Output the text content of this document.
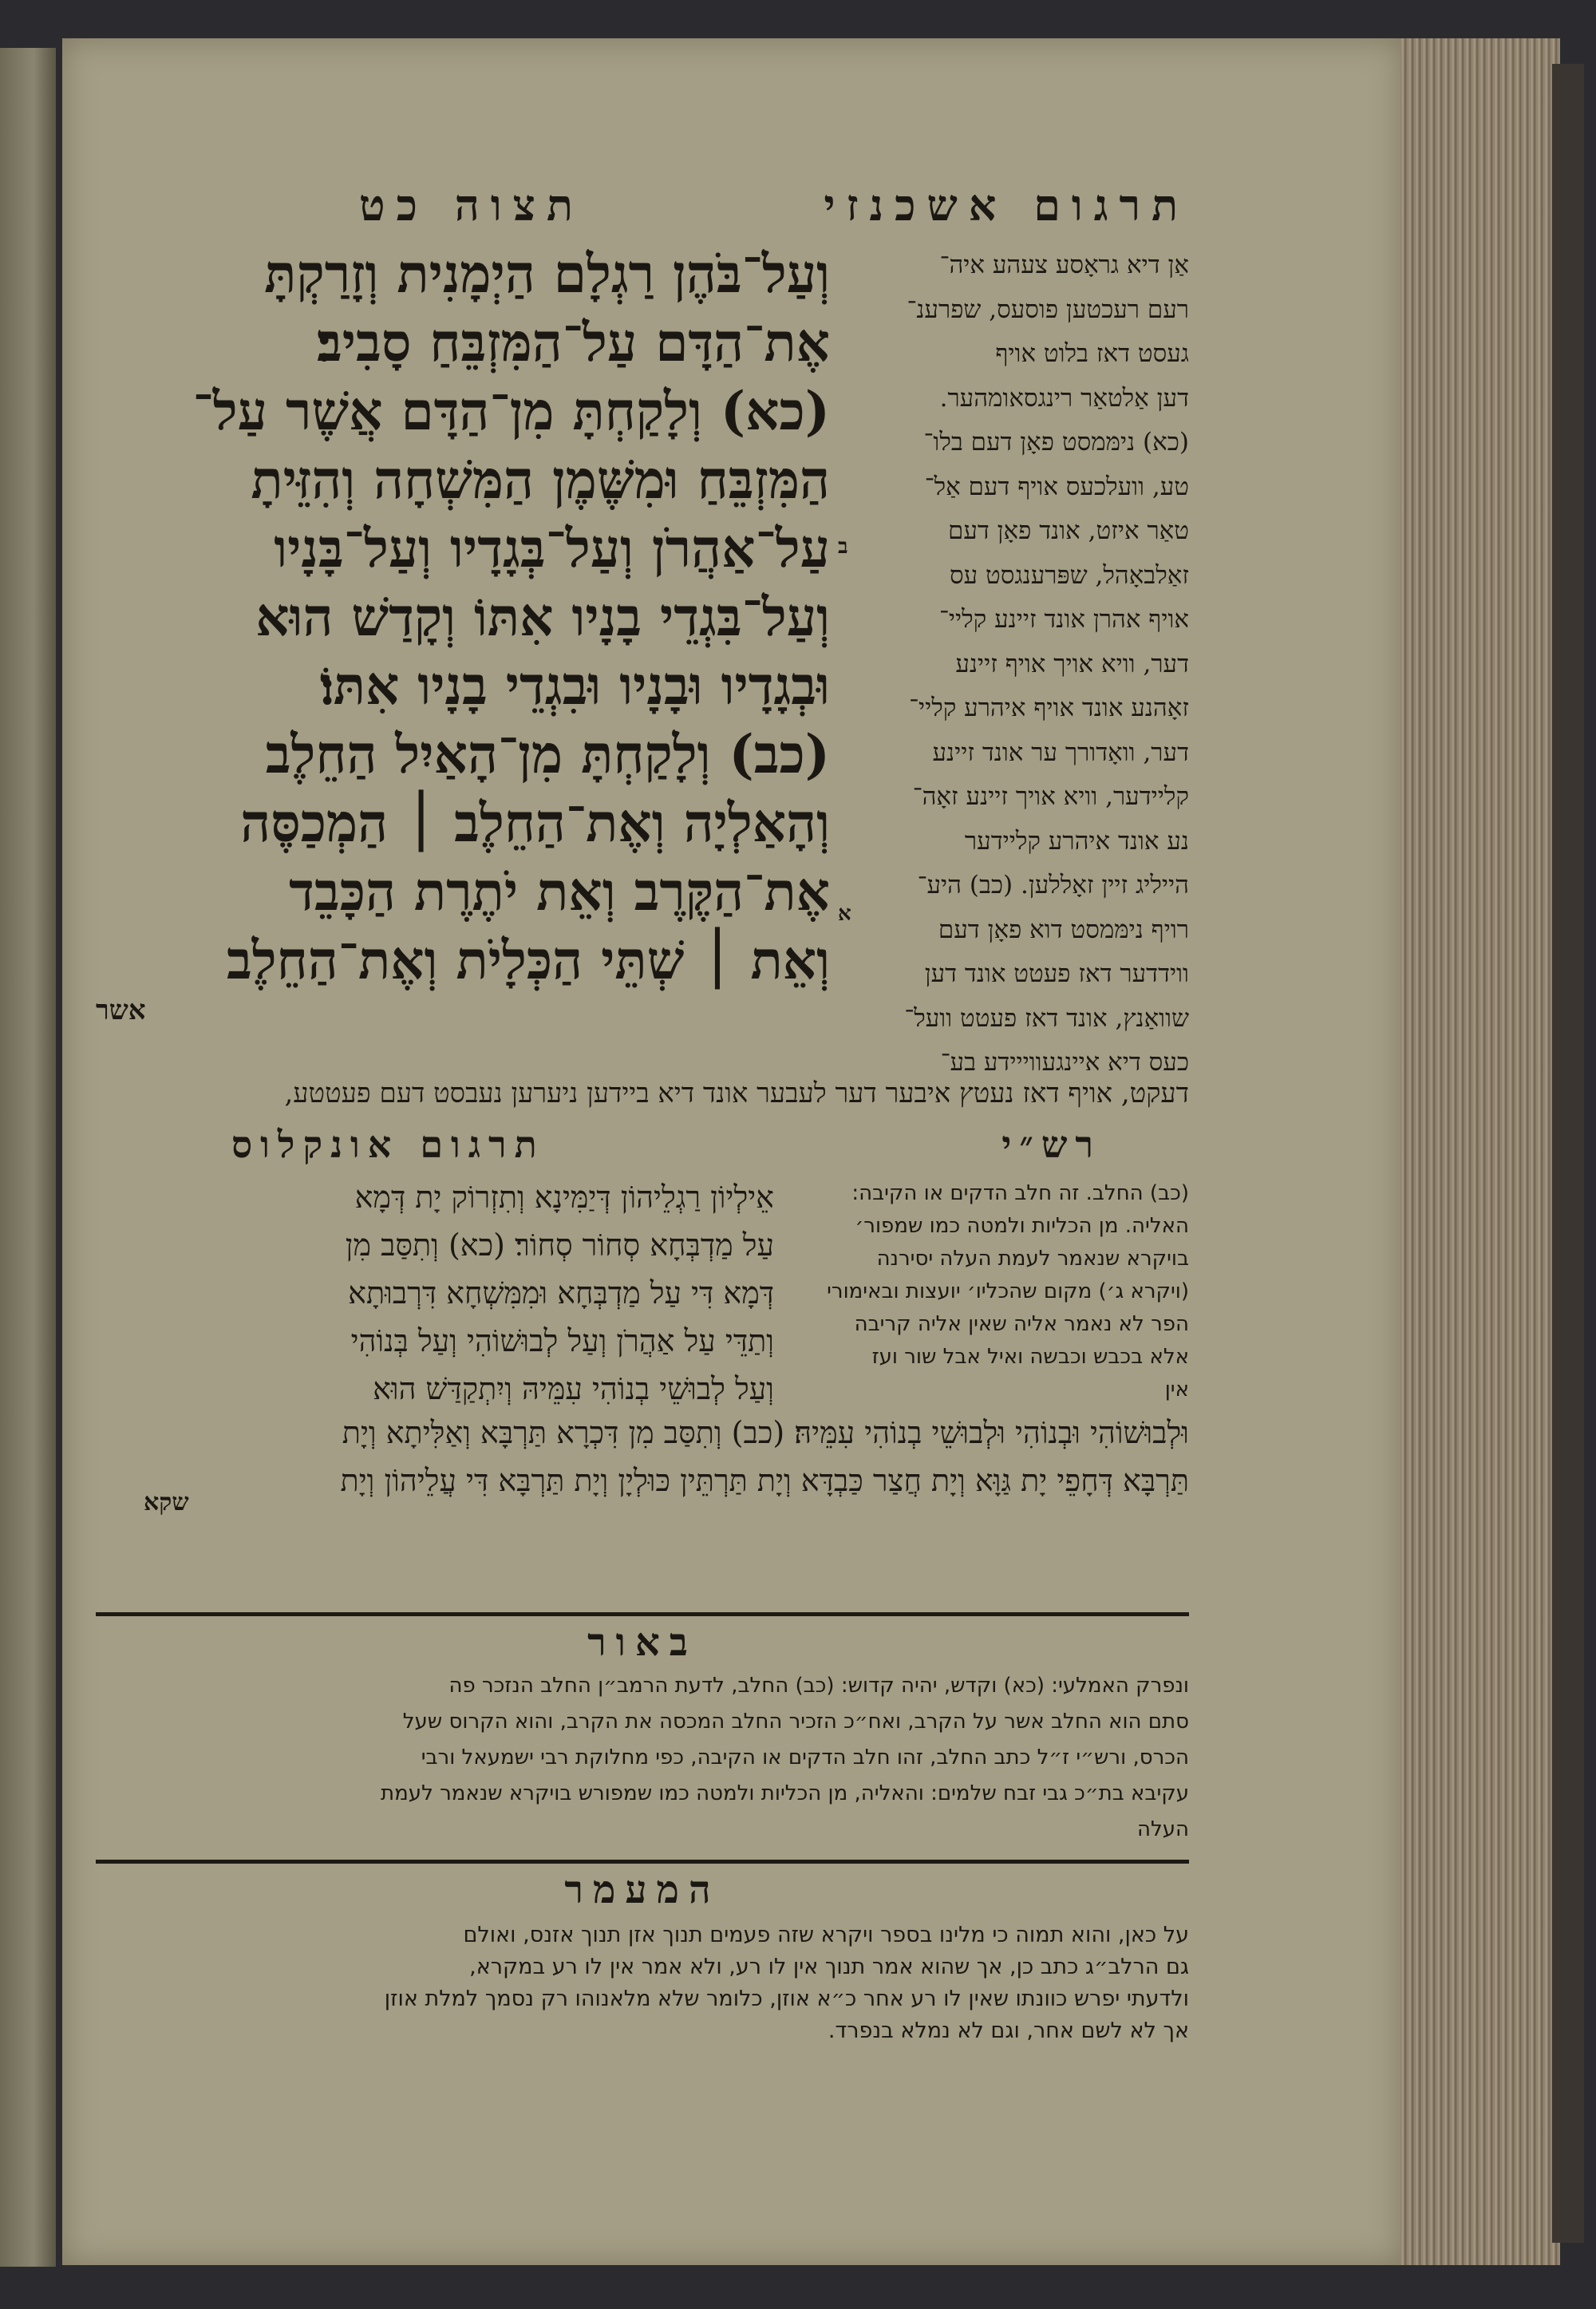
תרגום אשכנזי
תצוה כט
אַן דיא גראָסע צעהע איה־
רעם רעכטען פוסעס, שפרענ־
געסט דאז בלוט אויף
דען אַלטאַר רינגסאומהער.
(כא) נימּמסט פאָן דעם בלו־
טע, וועלכעס אויף דעם אַל־
טאַר איזט, אונד פאָן דעם
זאַלבאָהל, שפּרענגסט עס
אויף אהרן אונד זיינע קליי־
דער, וויא אויך אויף זיינע
זאָהנע אונד אויף איהרע קליי־
דער, וואָדורך ער אונד זיינע
קליידער, וויא אויך זיינע זאָה־
נע אונד איהרע קליידער
הייליג זיין זאָללען. (כב) היע־
רויף נימּמסט דוא פאָן דעם
ווידדער דאז פעטט אונד דען
שוואַנץ, אונד דאז פעטט וועל־
כעס דיא איינגעווייידע בע־
ב
א
וְעַל־בֹּהֶן רַגְלָם הַיְמָנִית וְזָרַקְתָּ
אֶת־הַדָּם עַל־הַמִּזְבֵּחַ סָבִיב׃
(כא) וְלָקַחְתָּ מִן־הַדָּם אֲשֶׁר עַל־
הַמִּזְבֵּחַ וּמִשֶּׁמֶן הַמִּשְׁחָה וְהִזֵּיתָ
עַל־אַהֲרֹן וְעַל־בְּגָדָיו וְעַל־בָּנָיו
וְעַל־בִּגְדֵי בָנָיו אִתּוֹ וְקָדַשׁ הוּא
וּבְגָדָיו וּבָנָיו וּבִגְדֵי בָנָיו אִתּוֹ׃
(כב) וְלָקַחְתָּ מִן־הָאַיִל הַחֵלֶב
וְהָאַלְיָה וְאֶת־הַחֵלֶב ׀ הַמְכַסֶּה
אֶת־הַקֶּרֶב וְאֵת יֹתֶרֶת הַכָּבֵד
וְאֵת ׀ שְׁתֵּי הַכְּלָיֹת וְאֶת־הַחֵלֶב
אשר
דעקט, אויף דאז נעטץ איבער דער לעבער אונד דיא ביידען ניערען נעבסט דעם פעטטע,
רש״י
תרגום אונקלוס
(כב) החלב. זה חלב הדקים או הקיבה:
האליה. מן הכליות ולמטה כמו שמפור׳
בויקרא שנאמר לעמת העלה יסירנה
(ויקרא ג׳) מקום שהכליו׳ יועצות ובאימורי
הפר לא נאמר אליה שאין אליה קריבה
אלא בכבש וכבשה ואיל אבל שור ועז
אין
אֵילְיוֹן רַגְלֵיהוֹן דְּיַמִּינָא וְתִזְרוֹק יָת דְּמָא
עַל מַדְבְּחָא סְחוֹר סְחוֹר׃ (כא) וְתִסַּב מִן
דְּמָא דִּי עַל מַדְבְּחָא וּמִמִּשְׁחָא דִּרְבוּתָא
וְתַדֵּי עַל אַהֲרֹן וְעַל לְבוּשׁוֹהִי וְעַל בְּנוֹהִי
וְעַל לְבוּשֵׁי בְנוֹהִי עִמֵּיהּ וְיִתְקַדַּשׁ הוּא
וּלְבוּשׁוֹהִי וּבְנוֹהִי וּלְבוּשֵׁי בְנוֹהִי עִמֵּיהּ׃ (כב) וְתִסַּב מִן דִּכְרָא תַּרְבָּא וְאַלִּיתָא וְיָת
תַּרְבָּא דְּחָפֵי יָת גַּוָּא וְיָת חֲצַר כַּבְדָּא וְיָת תַּרְתֵּין כּוּלְיָן וְיָת תַּרְבָּא דִּי עֲלֵיהוֹן וְיָת
שקא
באור
ונפרק האמלעי: (כא) וקדש, יהיה קדוש: (כב) החלב, לדעת הרמב״ן החלב הנזכר פה
סתם הוא החלב אשר על הקרב, ואח״כ הזכיר החלב המכסה את הקרב, והוא הקרוס שעל
הכרס, ורש״י ז״ל כתב החלב, זהו חלב הדקים או הקיבה, כפי מחלוקת רבי ישמעאל ורבי
עקיבא בת״כ גבי זבח שלמים: והאליה, מן הכליות ולמטה כמו שמפורש בויקרא שנאמר לעמת
העלה
המעמר
על כאן, והוא תמוה כי מלינו בספר ויקרא שזה פעמים תנוך אזן תנוך אזנס, ואולם
גם הרלב״ג כתב כן, אך שהוא אמר תנוך אין לו רע, ולא אמר אין לו רע במקרא,
ולדעתי יפרש כוונתו שאין לו רע אחר כ״א אוזן, כלומר שלא מלאנוהו רק נסמך למלת אוזן
אך לא לשם אחר, וגם לא נמלא בנפרד.
